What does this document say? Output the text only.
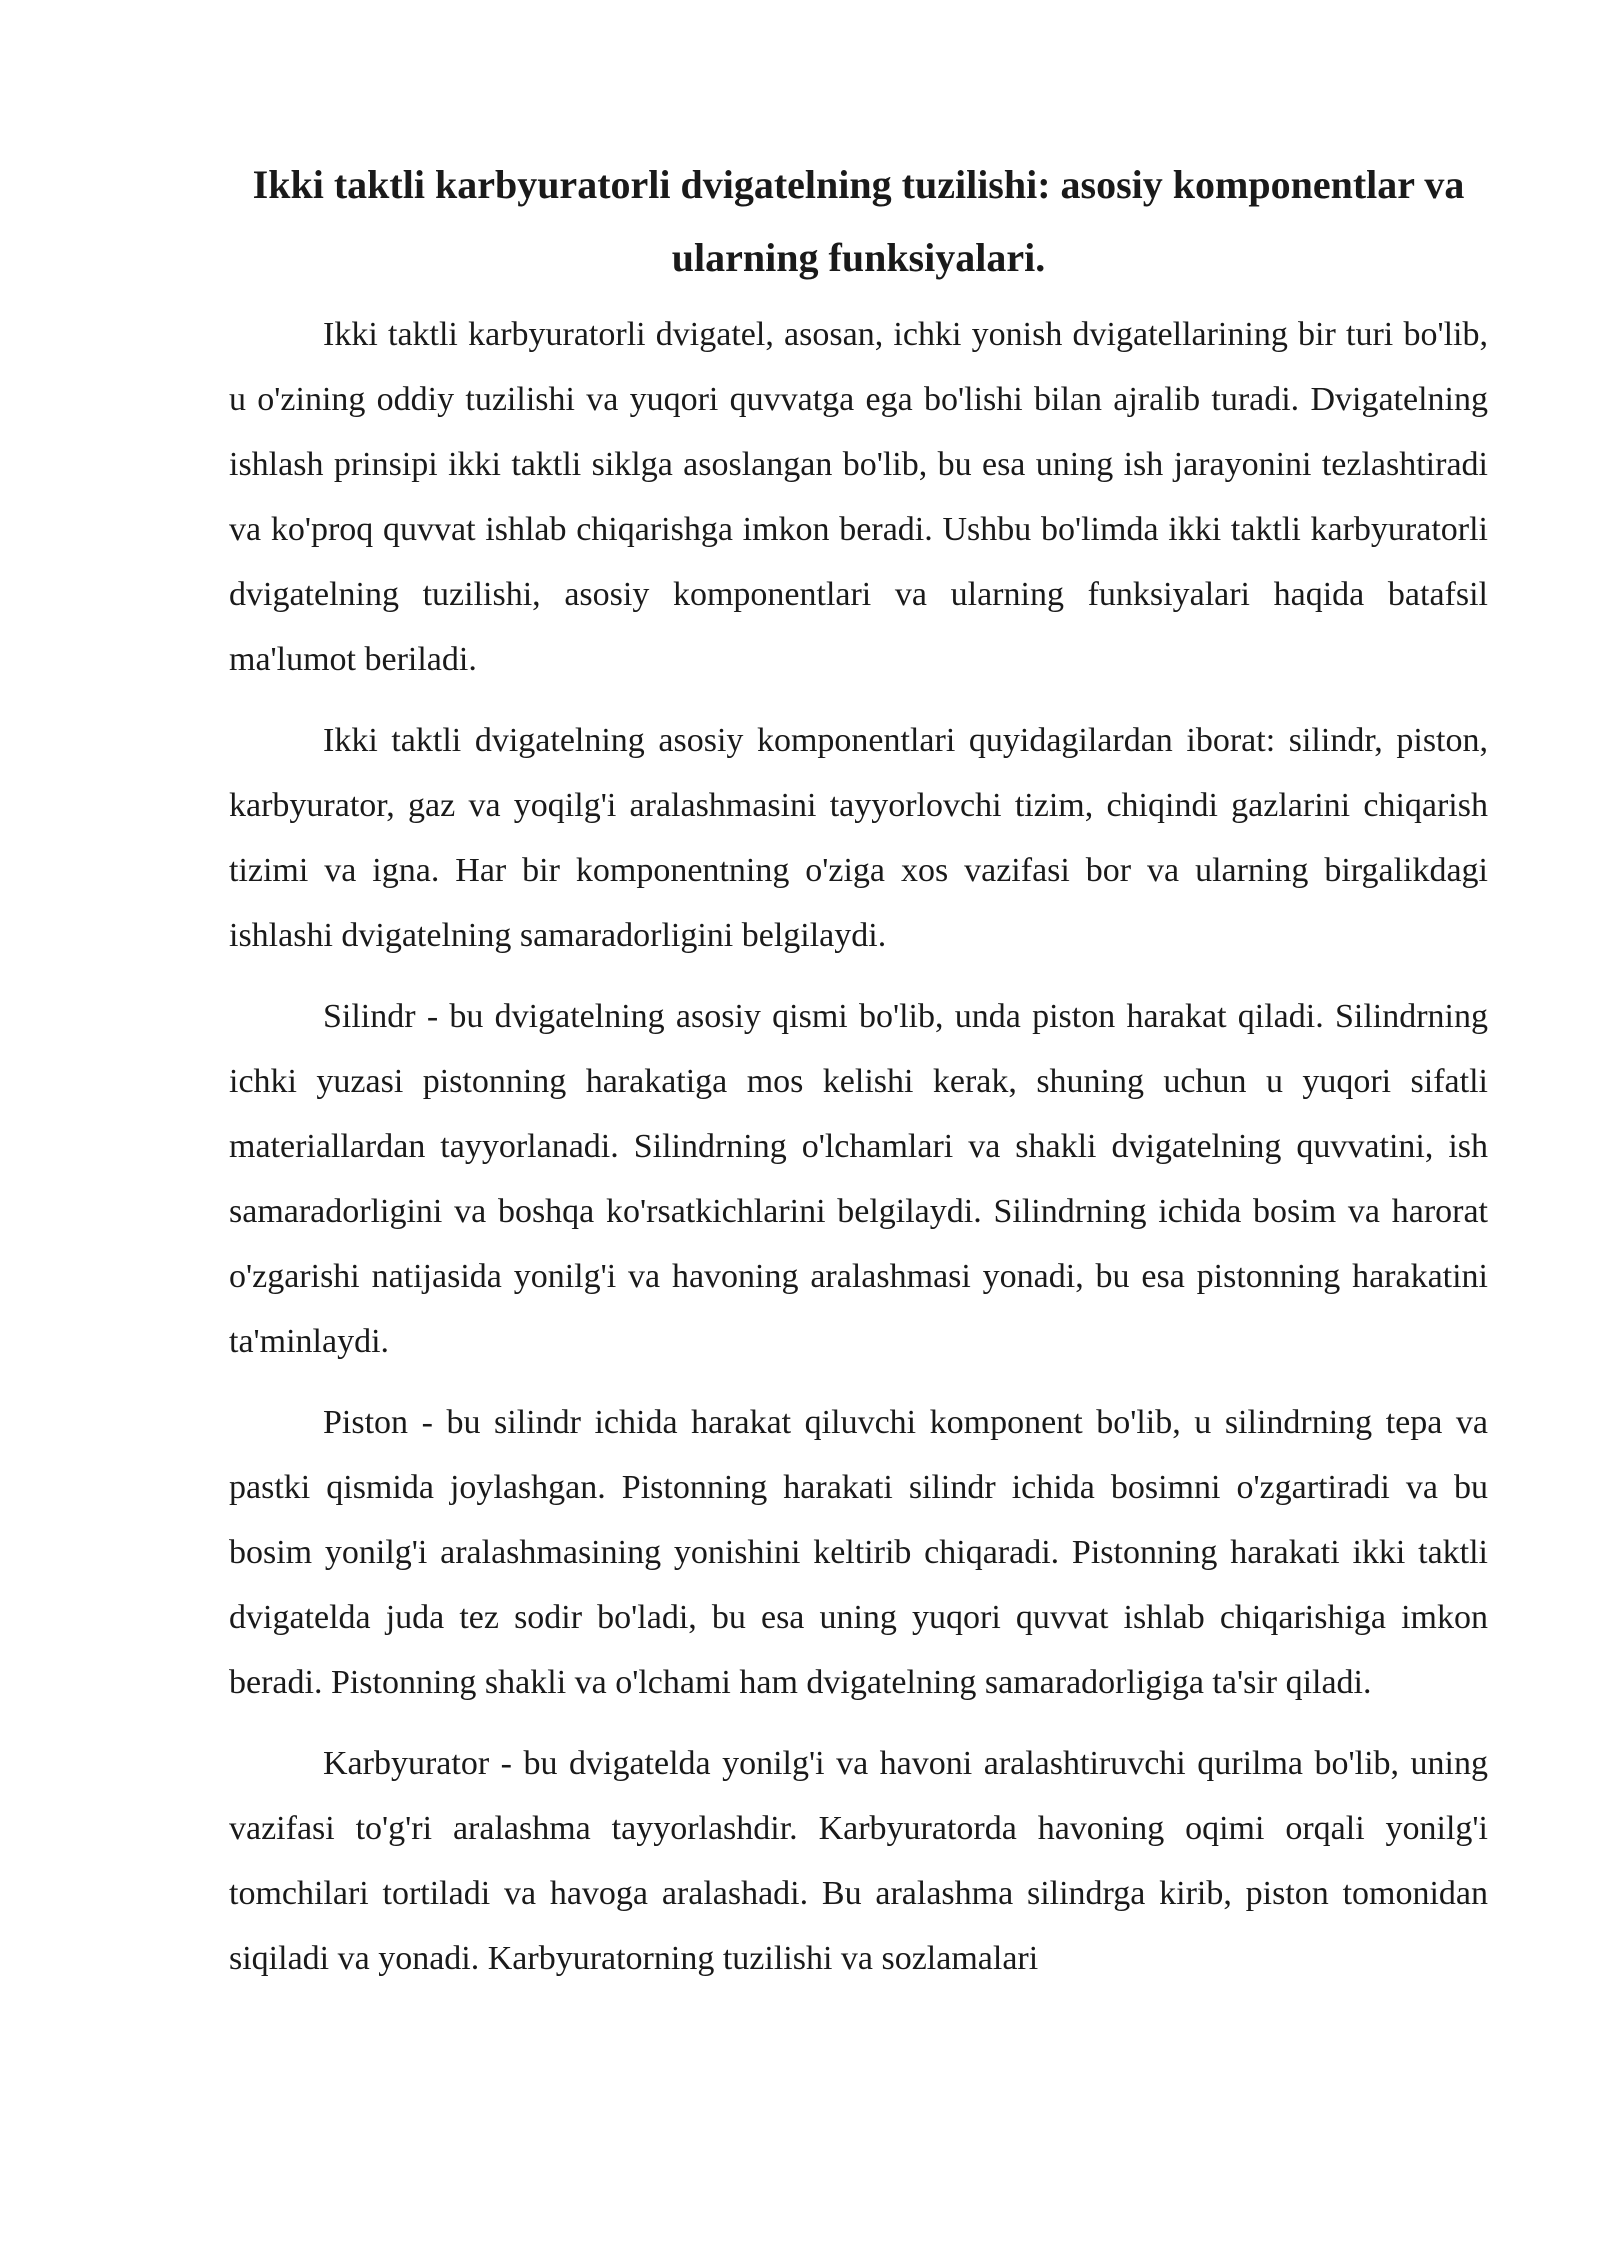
Ikki taktli karbyuratorli dvigatelning tuzilishi: asosiy komponentlar va ularning funksiyalari.

Ikki taktli karbyuratorli dvigatel, asosan, ichki yonish dvigatellarining bir turi bo'lib, u o'zining oddiy tuzilishi va yuqori quvvatga ega bo'lishi bilan ajralib turadi. Dvigatelning ishlash prinsipi ikki taktli siklga asoslangan bo'lib, bu esa uning ish jarayonini tezlashtiradi va ko'proq quvvat ishlab chiqarishga imkon beradi. Ushbu bo'limda ikki taktli karbyuratorli dvigatelning tuzilishi, asosiy komponentlari va ularning funksiyalari haqida batafsil ma'lumot beriladi.

Ikki taktli dvigatelning asosiy komponentlari quyidagilardan iborat: silindr, piston, karbyurator, gaz va yoqilg'i aralashmasini tayyorlovchi tizim, chiqindi gazlarini chiqarish tizimi va igna. Har bir komponentning o'ziga xos vazifasi bor va ularning birgalikdagi ishlashi dvigatelning samaradorligini belgilaydi.

Silindr - bu dvigatelning asosiy qismi bo'lib, unda piston harakat qiladi. Silindrning ichki yuzasi pistonning harakatiga mos kelishi kerak, shuning uchun u yuqori sifatli materiallardan tayyorlanadi. Silindrning o'lchamlari va shakli dvigatelning quvvatini, ish samaradorligini va boshqa ko'rsatkichlarini belgilaydi. Silindrning ichida bosim va harorat o'zgarishi natijasida yonilg'i va havoning aralashmasi yonadi, bu esa pistonning harakatini ta'minlaydi.

Piston - bu silindr ichida harakat qiluvchi komponent bo'lib, u silindrning tepa va pastki qismida joylashgan. Pistonning harakati silindr ichida bosimni o'zgartiradi va bu bosim yonilg'i aralashmasining yonishini keltirib chiqaradi. Pistonning harakati ikki taktli dvigatelda juda tez sodir bo'ladi, bu esa uning yuqori quvvat ishlab chiqarishiga imkon beradi. Pistonning shakli va o'lchami ham dvigatelning samaradorligiga ta'sir qiladi.

Karbyurator - bu dvigatelda yonilg'i va havoni aralashtiruvchi qurilma bo'lib, uning vazifasi to'g'ri aralashma tayyorlashdir. Karbyuratorda havoning oqimi orqali yonilg'i tomchilari tortiladi va havoga aralashadi. Bu aralashma silindrga kirib, piston tomonidan siqiladi va yonadi. Karbyuratorning tuzilishi va sozlamalari
